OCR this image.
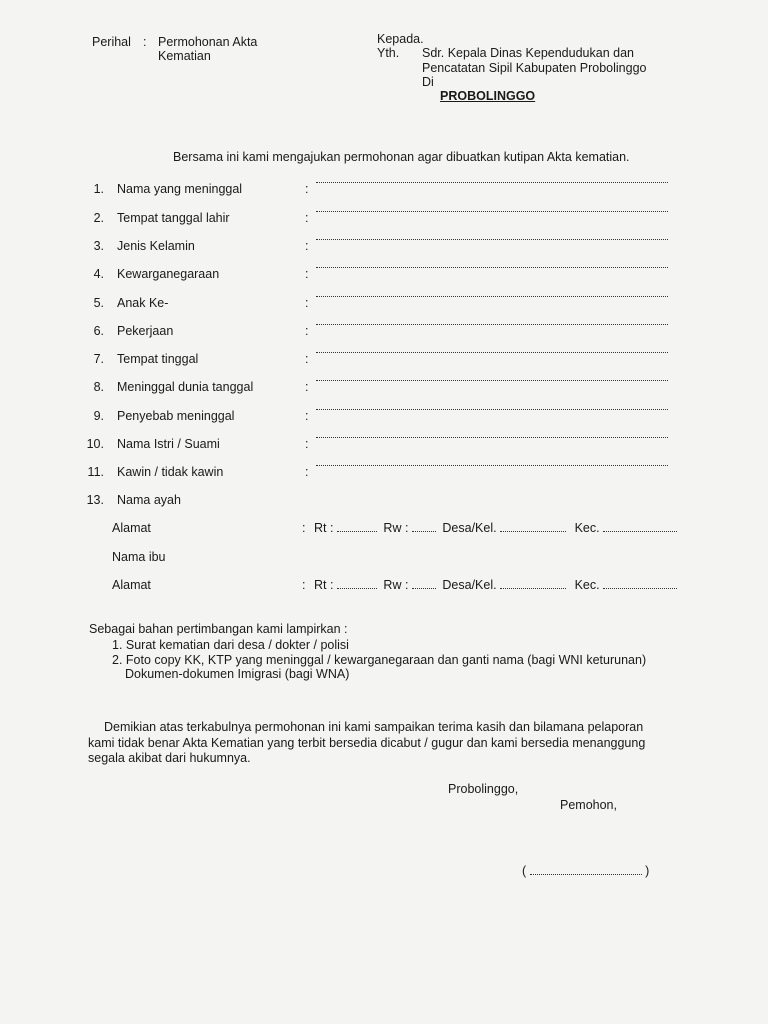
Perihal : Permohonan Akta
Kematian
Kepada.
Yth. Sdr. Kepala Dinas Kependudukan dan
Pencatatan Sipil Kabupaten Probolinggo
Di
PROBOLINGGO
Bersama ini kami mengajukan permohonan agar dibuatkan kutipan Akta kematian.
1. Nama yang meninggal	:
2. Tempat tanggal lahir	:
3. Jenis Kelamin	:
4. Kewarganegaraan	:
5. Anak Ke-	:
6. Pekerjaan	:
7. Tempat tinggal	:
8. Meninggal dunia tanggal	:
9. Penyebab meninggal	:
10. Nama Istri / Suami	:
11. Kawin / tidak kawin	:
13. Nama ayah
Alamat	: Rt :	Rw :	Desa/Kel.	Kec.
Nama ibu
Alamat	: Rt :	Rw :	Desa/Kel.	Kec.
Sebagai bahan pertimbangan kami lampirkan :
1. Surat kematian dari desa / dokter / polisi
2. Foto copy KK, KTP yang meninggal / kewarganegaraan dan ganti nama (bagi WNI keturunan)
Dokumen-dokumen Imigrasi (bagi WNA)
Demikian atas terkabulnya permohonan ini kami sampaikan terima kasih dan bilamana pelaporan
kami tidak benar Akta Kematian yang terbit bersedia dicabut / gugur dan kami bersedia menanggung
segala akibat dari hukumnya.
Probolinggo,
Pemohon,
(	)
